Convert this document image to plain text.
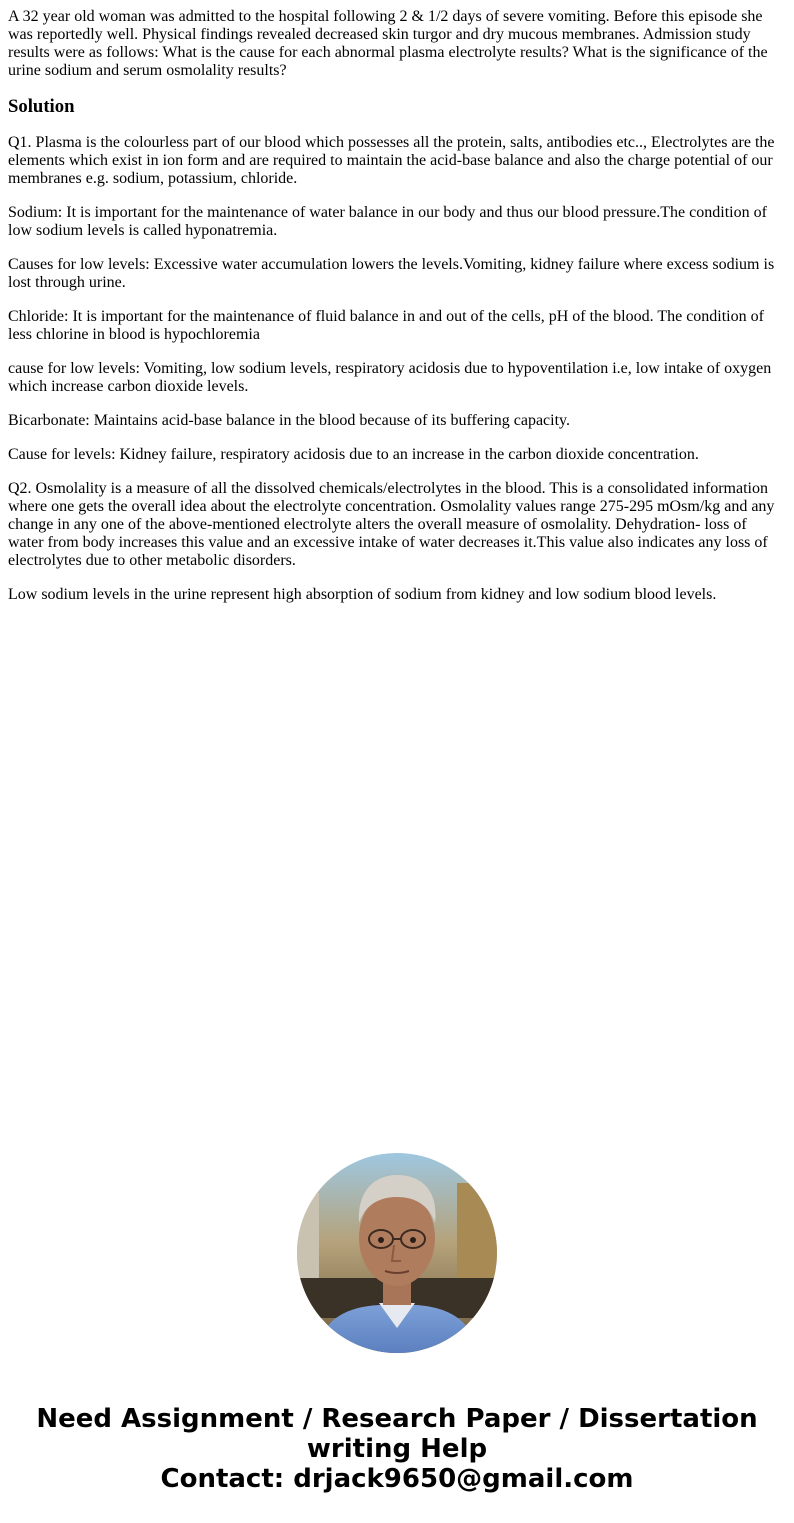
A 32 year old woman was admitted to the hospital following 2 & 1/2 days of severe vomiting. Before this episode she was reportedly well. Physical findings revealed decreased skin turgor and dry mucous membranes. Admission study results were as follows: What is the cause for each abnormal plasma electrolyte results? What is the significance of the urine sodium and serum osmolality results?

Solution

Q1. Plasma is the colourless part of our blood which possesses all the protein, salts, antibodies etc.., Electrolytes are the elements which exist in ion form and are required to maintain the acid-base balance and also the charge potential of our membranes e.g. sodium, potassium, chloride.

Sodium: It is important for the maintenance of water balance in our body and thus our blood pressure.The condition of low sodium levels is called hyponatremia.

Causes for low levels: Excessive water accumulation lowers the levels.Vomiting, kidney failure where excess sodium is lost through urine.

Chloride: It is important for the maintenance of fluid balance in and out of the cells, pH of the blood. The condition of less chlorine in blood is hypochloremia

cause for low levels: Vomiting, low sodium levels, respiratory acidosis due to hypoventilation i.e, low intake of oxygen which increase carbon dioxide levels.

Bicarbonate: Maintains acid-base balance in the blood because of its buffering capacity.

Cause for levels: Kidney failure, respiratory acidosis due to an increase in the carbon dioxide concentration.

Q2. Osmolality is a measure of all the dissolved chemicals/electrolytes in the blood. This is a consolidated information where one gets the overall idea about the electrolyte concentration. Osmolality values range 275-295 mOsm/kg and any change in any one of the above-mentioned electrolyte alters the overall measure of osmolality. Dehydration- loss of water from body increases this value and an excessive intake of water decreases it.This value also indicates any loss of electrolytes due to other metabolic disorders.

Low sodium levels in the urine represent high absorption of sodium from kidney and low sodium blood levels.

Need Assignment / Research Paper / Dissertation
writing Help
Contact: drjack9650@gmail.com
